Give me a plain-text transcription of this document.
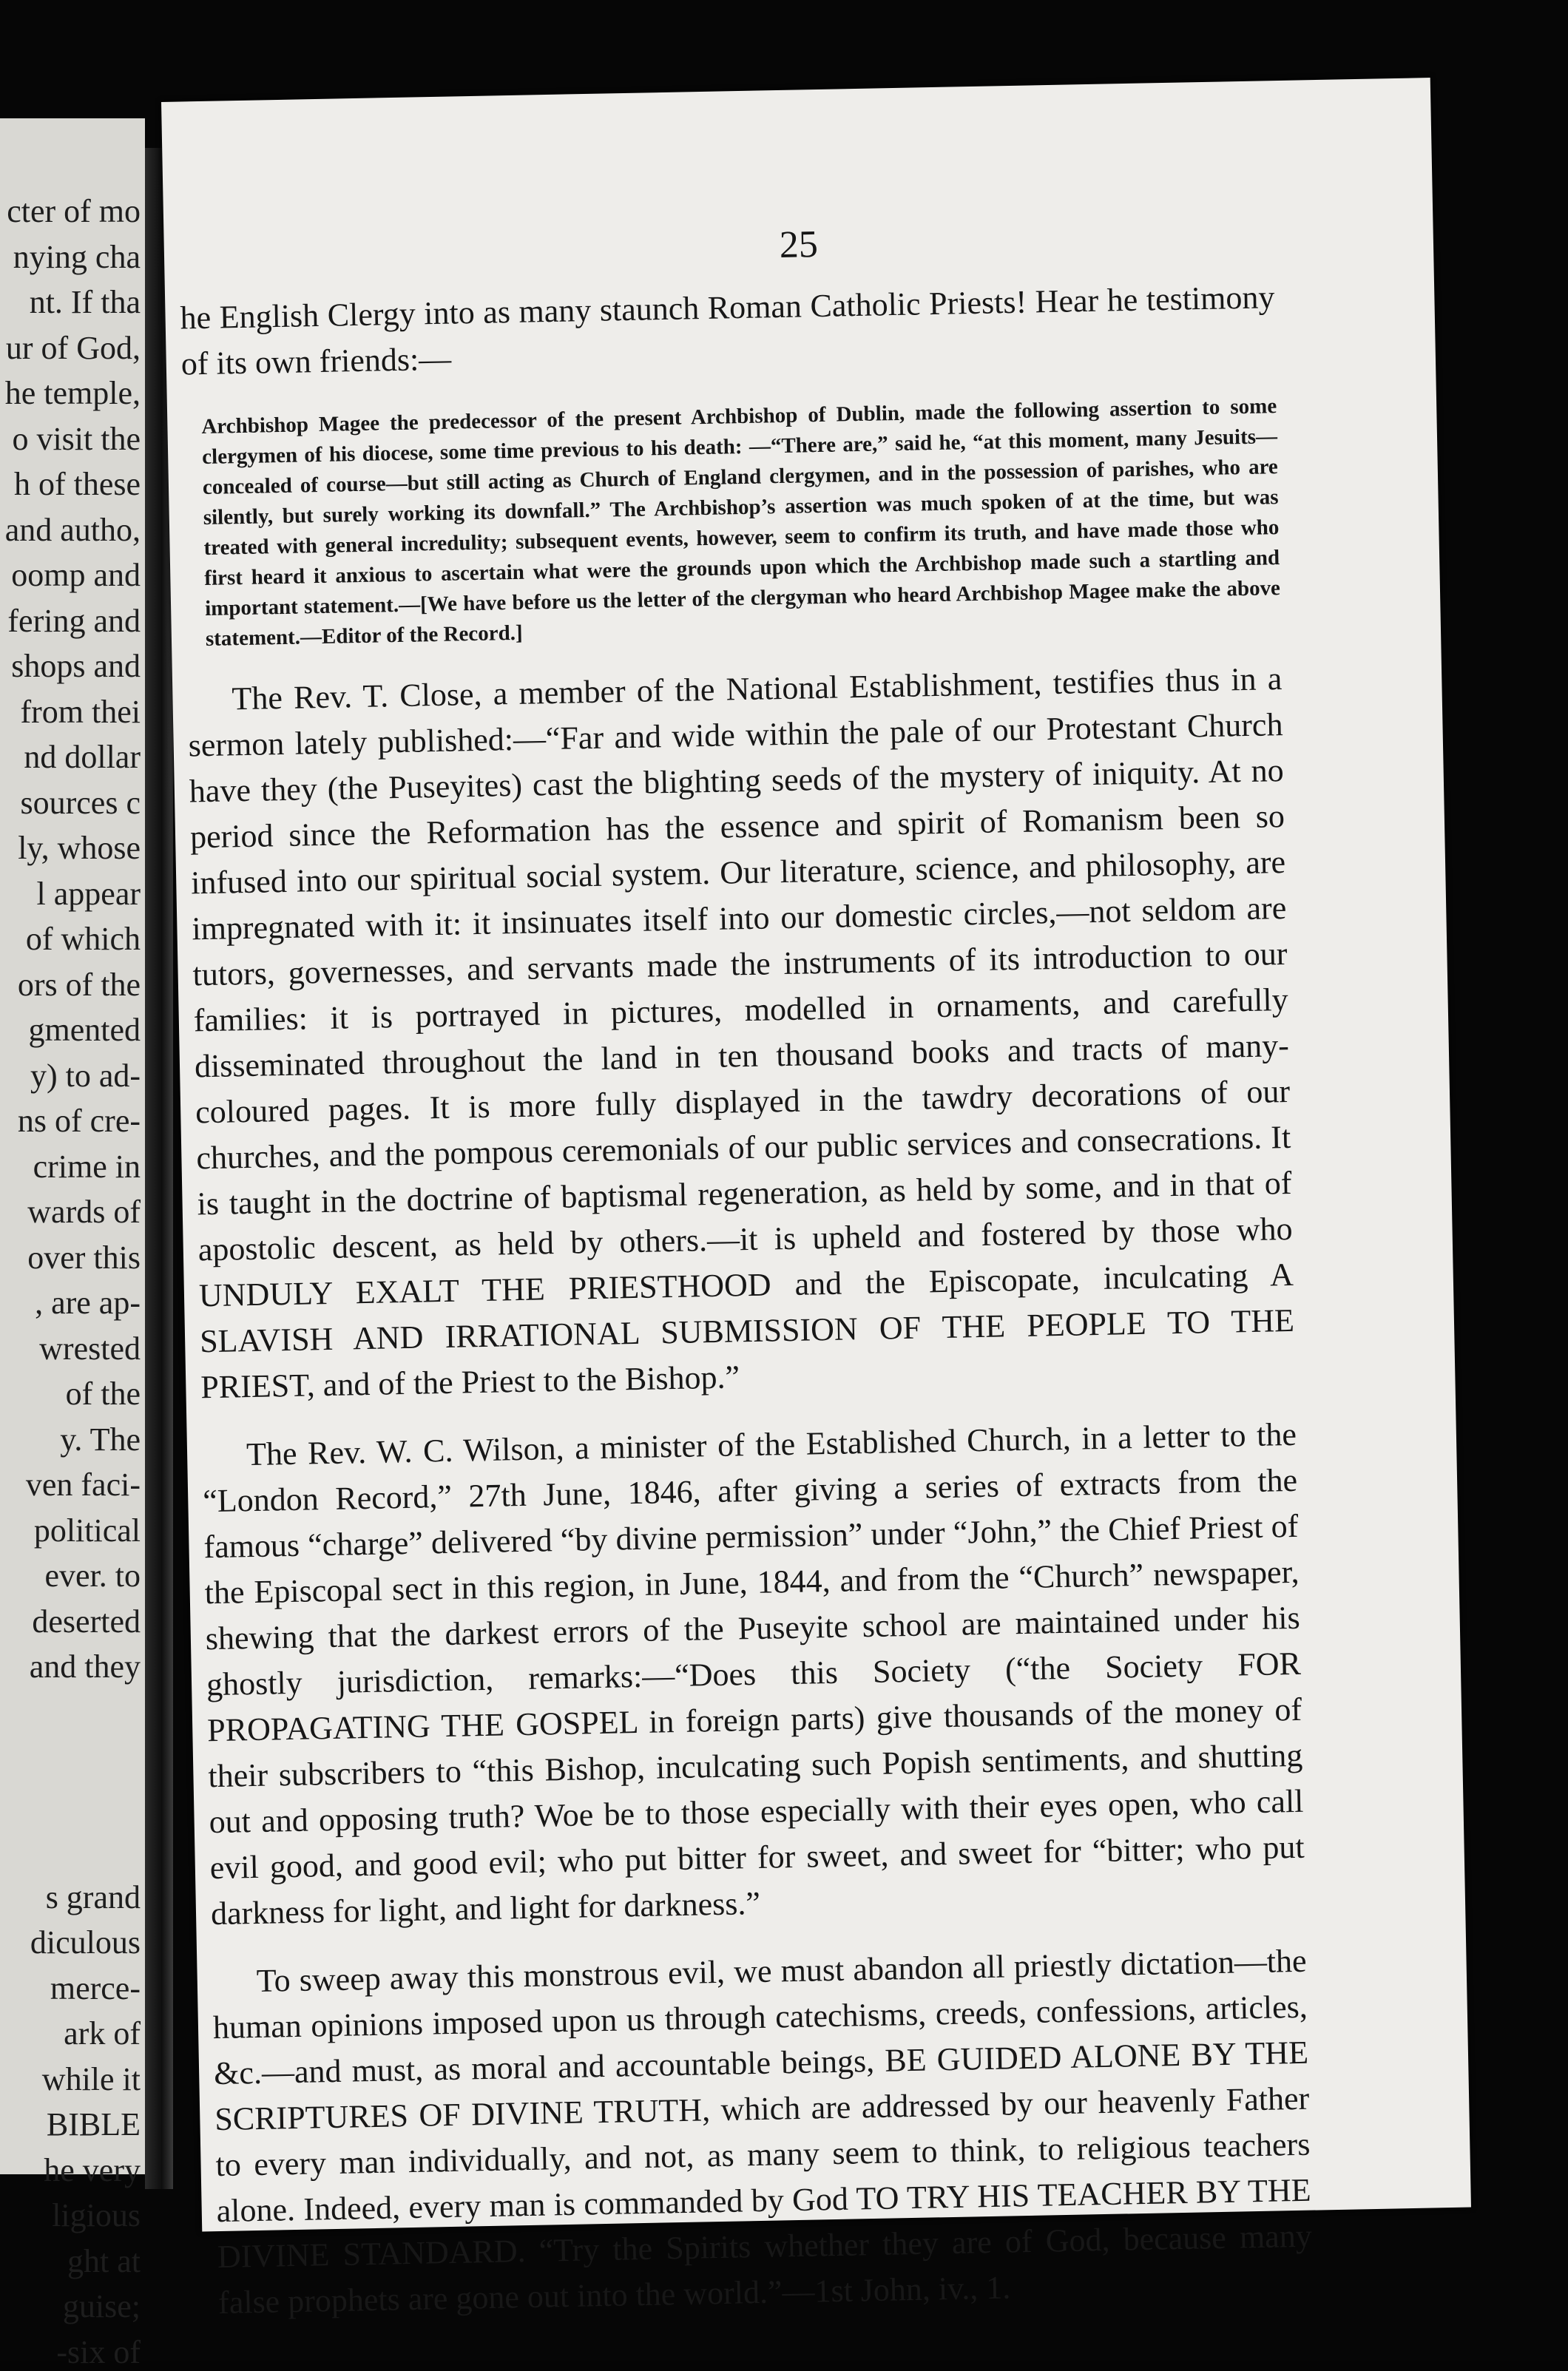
cter of mo
nying cha
nt. If tha
ur of God,
he temple,
o visit the
h of these
and autho,
oomp and
fering and
shops and
from thei
nd dollar
sources c
ly, whose
l appear
of which
ors of the
gmented
y) to ad-
ns of cre-
crime in
wards of
over this
, are ap-
wrested
of the
y. The
ven faci-
political
ever. to
deserted
and they
s grand
diculous
merce-
ark of
while it
BIBLE
he very
ligious
ght at
guise;
-six of
25
he English Clergy into as many staunch Roman Catholic Priests! Hear he testimony of its own friends:—
Archbishop Magee the predecessor of the present Archbishop of Dublin, made the following assertion to some clergymen of his diocese, some time previous to his death: —“There are,” said he, “at this moment, many Jesuits—concealed of course—but still acting as Church of England clergymen, and in the possession of parishes, who are silently, but surely working its downfall.” The Archbishop’s assertion was much spoken of at the time, but was treated with general incredulity; subsequent events, however, seem to confirm its truth, and have made those who first heard it anxious to ascertain what were the grounds upon which the Archbishop made such a startling and important statement.—[We have before us the letter of the clergyman who heard Archbishop Magee make the above statement.—Editor of the Record.]
The Rev. T. Close, a member of the National Establishment, testifies thus in a sermon lately published:—“Far and wide within the pale of our Protestant Church have they (the Puseyites) cast the blighting seeds of the mystery of iniquity. At no period since the Reformation has the essence and spirit of Romanism been so infused into our spiritual social system. Our literature, science, and philosophy, are impregnated with it: it insinuates itself into our domestic circles,—not seldom are tutors, governesses, and servants made the instruments of its introduction to our families: it is portrayed in pictures, modelled in ornaments, and carefully disseminated throughout the land in ten thousand books and tracts of many-coloured pages. It is more fully displayed in the tawdry decorations of our churches, and the pompous ceremonials of our public services and consecrations. It is taught in the doctrine of baptismal regeneration, as held by some, and in that of apostolic descent, as held by others.—it is upheld and fostered by those who UNDULY EXALT THE PRIESTHOOD and the Episcopate, inculcating A SLAVISH AND IRRATIONAL SUBMISSION OF THE PEOPLE TO THE PRIEST, and of the Priest to the Bishop.”
The Rev. W. C. Wilson, a minister of the Established Church, in a letter to the “London Record,” 27th June, 1846, after giving a series of extracts from the famous “charge” delivered “by divine permission” under “John,” the Chief Priest of the Episcopal sect in this region, in June, 1844, and from the “Church” newspaper, shewing that the darkest errors of the Puseyite school are maintained under his ghostly jurisdiction, remarks:—“Does this Society (“the Society FOR PROPAGATING THE GOSPEL in foreign parts) give thousands of the money of their subscribers to “this Bishop, inculcating such Popish sentiments, and shutting out and opposing truth? Woe be to those especially with their eyes open, who call evil good, and good evil; who put bitter for sweet, and sweet for “bitter; who put darkness for light, and light for darkness.”
To sweep away this monstrous evil, we must abandon all priestly dictation—the human opinions imposed upon us through catechisms, creeds, confessions, articles, &c.—and must, as moral and accountable beings, BE GUIDED ALONE BY THE SCRIPTURES OF DIVINE TRUTH, which are addressed by our heavenly Father to every man individually, and not, as many seem to think, to religious teachers alone. Indeed, every man is commanded by God TO TRY HIS TEACHER BY THE DIVINE STANDARD. “Try the Spirits whether they are of God, because many false prophets are gone out into the world.”—1st John, iv., 1.
